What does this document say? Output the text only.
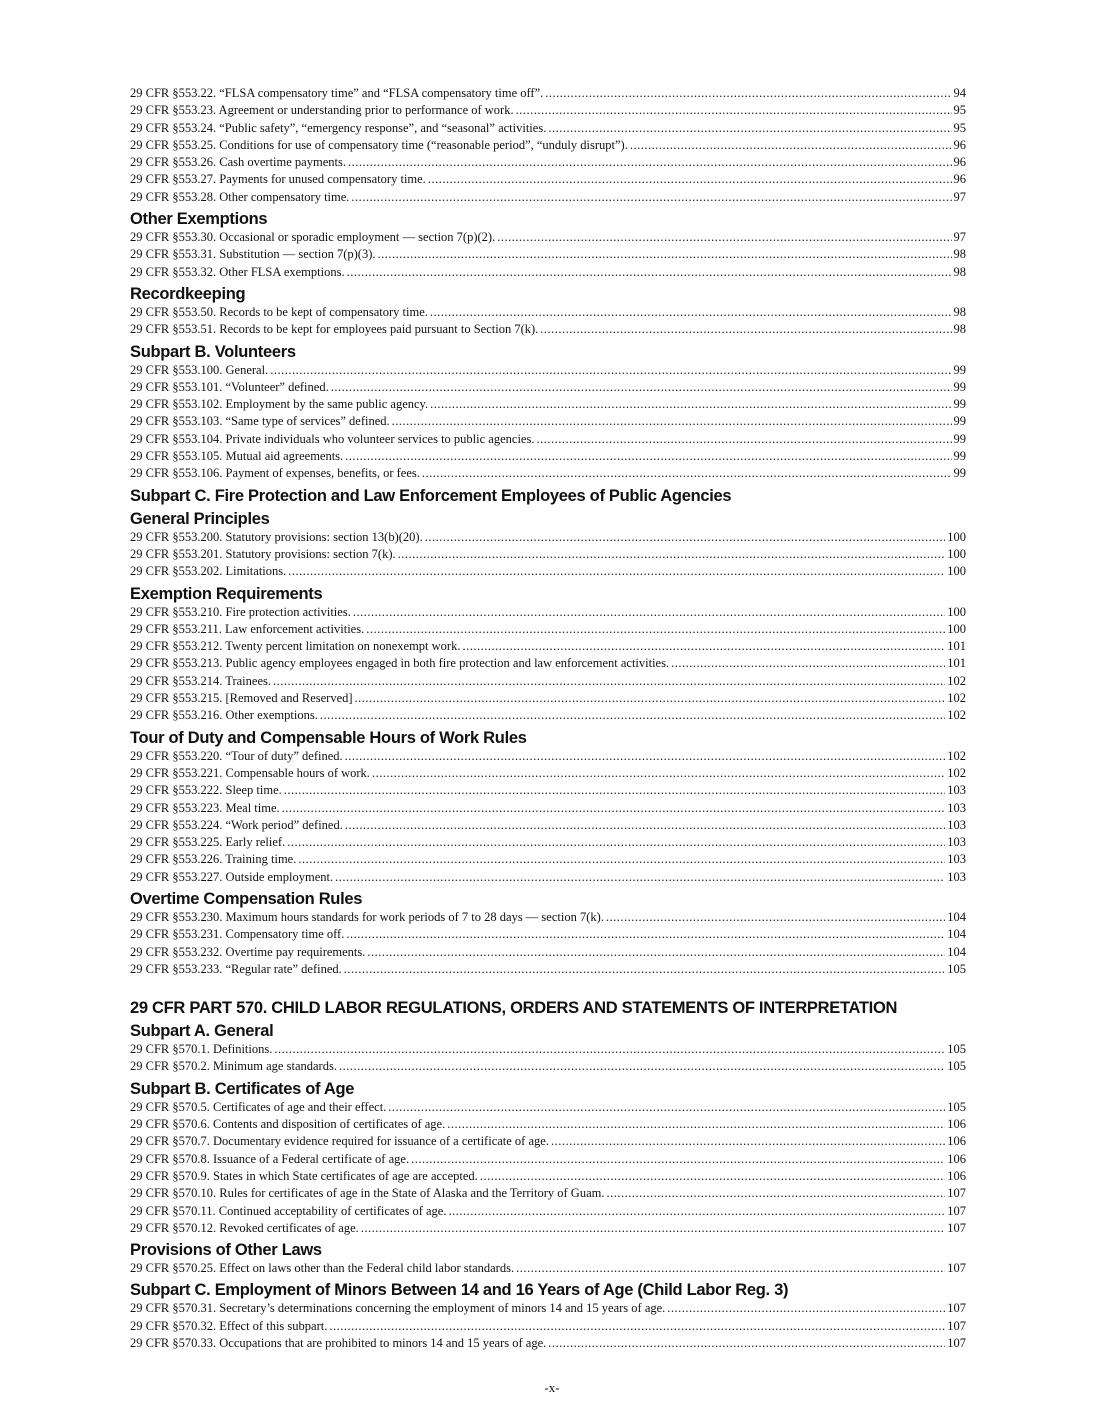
29 CFR §553.22. “FLSA compensatory time” and “FLSA compensatory time off”. .....	94
29 CFR §553.23. Agreement or understanding prior to performance of work. .....	95
29 CFR §553.24. “Public safety”, “emergency response”, and “seasonal” activities. .....	95
29 CFR §553.25. Conditions for use of compensatory time (“reasonable period”, “unduly disrupt”). .....	96
29 CFR §553.26. Cash overtime payments. .....	96
29 CFR §553.27. Payments for unused compensatory time. .....	96
29 CFR §553.28. Other compensatory time. .....	97
Other Exemptions
29 CFR §553.30. Occasional or sporadic employment — section 7(p)(2). .....	97
29 CFR §553.31. Substitution — section 7(p)(3). .....	98
29 CFR §553.32. Other FLSA exemptions. .....	98
Recordkeeping
29 CFR §553.50. Records to be kept of compensatory time. .....	98
29 CFR §553.51. Records to be kept for employees paid pursuant to Section 7(k). .....	98
Subpart B. Volunteers
29 CFR §553.100. General. .....	99
29 CFR §553.101. “Volunteer” defined. .....	99
29 CFR §553.102. Employment by the same public agency. .....	99
29 CFR §553.103. “Same type of services” defined. .....	99
29 CFR §553.104. Private individuals who volunteer services to public agencies. .....	99
29 CFR §553.105. Mutual aid agreements. .....	99
29 CFR §553.106. Payment of expenses, benefits, or fees. .....	99
Subpart C. Fire Protection and Law Enforcement Employees of Public Agencies
General Principles
29 CFR §553.200. Statutory provisions: section 13(b)(20). .....	100
29 CFR §553.201. Statutory provisions: section 7(k). .....	100
29 CFR §553.202. Limitations. .....	100
Exemption Requirements
29 CFR §553.210. Fire protection activities. .....	100
29 CFR §553.211. Law enforcement activities. .....	100
29 CFR §553.212. Twenty percent limitation on nonexempt work. .....	101
29 CFR §553.213. Public agency employees engaged in both fire protection and law enforcement activities. .....	101
29 CFR §553.214. Trainees. .....	102
29 CFR §553.215. [Removed and Reserved] .....	102
29 CFR §553.216. Other exemptions. .....	102
Tour of Duty and Compensable Hours of Work Rules
29 CFR §553.220. “Tour of duty” defined. .....	102
29 CFR §553.221. Compensable hours of work. .....	102
29 CFR §553.222. Sleep time. .....	103
29 CFR §553.223. Meal time. .....	103
29 CFR §553.224. “Work period” defined. .....	103
29 CFR §553.225. Early relief. .....	103
29 CFR §553.226. Training time. .....	103
29 CFR §553.227. Outside employment. .....	103
Overtime Compensation Rules
29 CFR §553.230. Maximum hours standards for work periods of 7 to 28 days — section 7(k). .....	104
29 CFR §553.231. Compensatory time off. .....	104
29 CFR §553.232. Overtime pay requirements. .....	104
29 CFR §553.233. “Regular rate” defined. .....	105
29 CFR PART 570. CHILD LABOR REGULATIONS, ORDERS AND STATEMENTS OF INTERPRETATION
Subpart A. General
29 CFR §570.1. Definitions. .....	105
29 CFR §570.2. Minimum age standards. .....	105
Subpart B. Certificates of Age
29 CFR §570.5. Certificates of age and their effect. .....	105
29 CFR §570.6. Contents and disposition of certificates of age. .....	106
29 CFR §570.7. Documentary evidence required for issuance of a certificate of age. .....	106
29 CFR §570.8. Issuance of a Federal certificate of age. .....	106
29 CFR §570.9. States in which State certificates of age are accepted. .....	106
29 CFR §570.10. Rules for certificates of age in the State of Alaska and the Territory of Guam. .....	107
29 CFR §570.11. Continued acceptability of certificates of age. .....	107
29 CFR §570.12. Revoked certificates of age. .....	107
Provisions of Other Laws
29 CFR §570.25. Effect on laws other than the Federal child labor standards. .....	107
Subpart C. Employment of Minors Between 14 and 16 Years of Age (Child Labor Reg. 3)
29 CFR §570.31. Secretary’s determinations concerning the employment of minors 14 and 15 years of age. .....	107
29 CFR §570.32. Effect of this subpart. .....	107
29 CFR §570.33. Occupations that are prohibited to minors 14 and 15 years of age. .....	107
-x-
